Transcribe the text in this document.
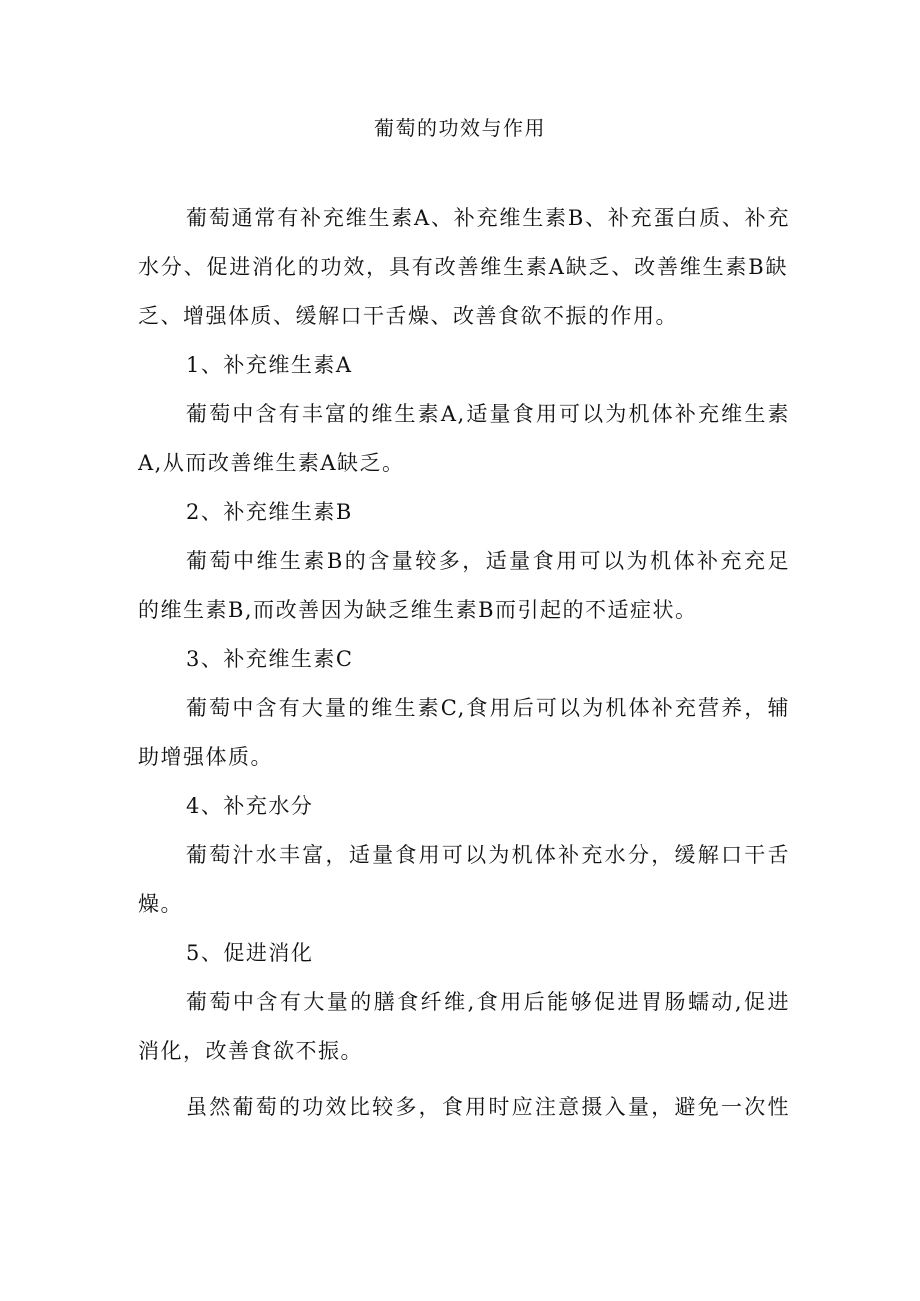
葡萄的功效与作用
葡萄通常有补充维生素A、补充维生素B、补充蛋白质、补充
水分、促进消化的功效，具有改善维生素A缺乏、改善维生素B缺
乏、增强体质、缓解口干舌燥、改善食欲不振的作用。
1、补充维生素A
葡萄中含有丰富的维生素A,适量食用可以为机体补充维生素
A,从而改善维生素A缺乏。
2、补充维生素B
葡萄中维生素B的含量较多，适量食用可以为机体补充充足
的维生素B,而改善因为缺乏维生素B而引起的不适症状。
3、补充维生素C
葡萄中含有大量的维生素C,食用后可以为机体补充营养，辅
助增强体质。
4、补充水分
葡萄汁水丰富，适量食用可以为机体补充水分，缓解口干舌
燥。
5、促进消化
葡萄中含有大量的膳食纤维,食用后能够促进胃肠蠕动,促进
消化，改善食欲不振。
虽然葡萄的功效比较多，食用时应注意摄入量，避免一次性
